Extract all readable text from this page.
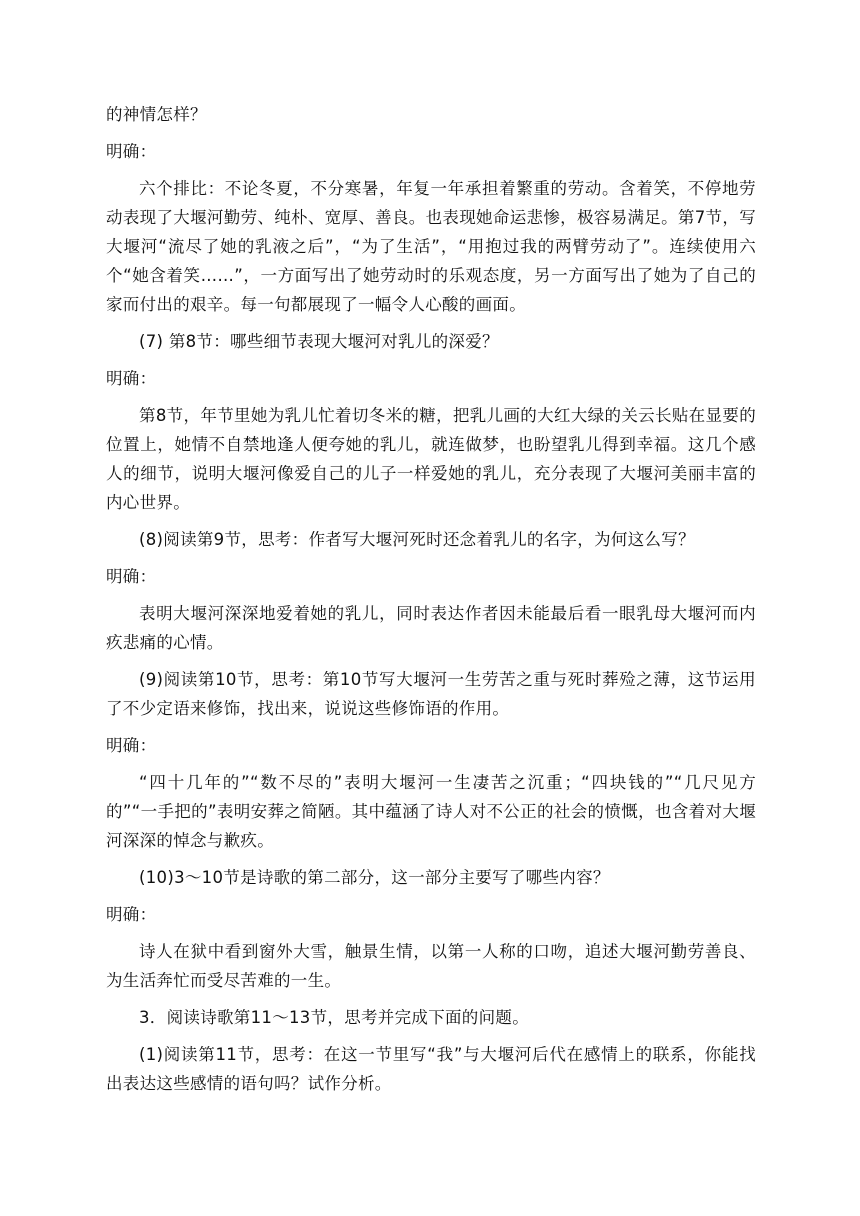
的神情怎样？

明确：

六个排比：不论冬夏，不分寒暑，年复一年承担着繁重的劳动。含着笑，不停地劳动表现了大堰河勤劳、纯朴、宽厚、善良。也表现她命运悲惨，极容易满足。第7节，写大堰河“流尽了她的乳液之后”，“为了生活”，“用抱过我的两臂劳动了”。连续使用六个“她含着笑……”，一方面写出了她劳动时的乐观态度，另一方面写出了她为了自己的家而付出的艰辛。每一句都展现了一幅令人心酸的画面。

(7) 第8节：哪些细节表现大堰河对乳儿的深爱？

明确：

第8节，年节里她为乳儿忙着切冬米的糖，把乳儿画的大红大绿的关云长贴在显要的位置上，她情不自禁地逢人便夸她的乳儿，就连做梦，也盼望乳儿得到幸福。这几个感人的细节，说明大堰河像爱自己的儿子一样爱她的乳儿，充分表现了大堰河美丽丰富的内心世界。

(8)阅读第9节，思考：作者写大堰河死时还念着乳儿的名字，为何这么写？

明确：

表明大堰河深深地爱着她的乳儿，同时表达作者因未能最后看一眼乳母大堰河而内疚悲痛的心情。

(9)阅读第10节，思考：第10节写大堰河一生劳苦之重与死时葬殓之薄，这节运用了不少定语来修饰，找出来，说说这些修饰语的作用。

明确：

“四十几年的”“数不尽的”表明大堰河一生凄苦之沉重；“四块钱的”“几尺见方的”“一手把的”表明安葬之简陋。其中蕴涵了诗人对不公正的社会的愤慨，也含着对大堰河深深的悼念与歉疚。

(10)3～10节是诗歌的第二部分，这一部分主要写了哪些内容？

明确：

诗人在狱中看到窗外大雪，触景生情，以第一人称的口吻，追述大堰河勤劳善良、为生活奔忙而受尽苦难的一生。

3．阅读诗歌第11～13节，思考并完成下面的问题。

(1)阅读第11节，思考：在这一节里写“我”与大堰河后代在感情上的联系，你能找出表达这些感情的语句吗？试作分析。
